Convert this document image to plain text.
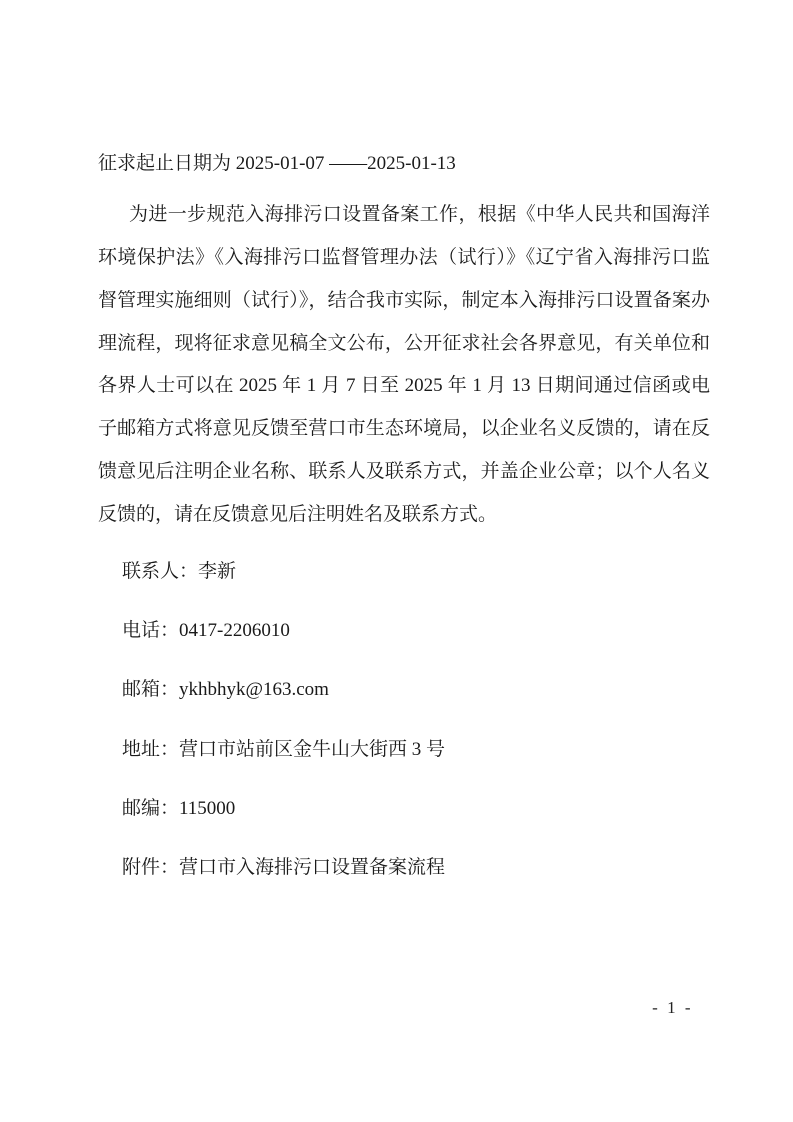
征求起止日期为 2025-01-07 ——2025-01-13

为进一步规范入海排污口设置备案工作，根据《中华人民共和国海洋环境保护法》《入海排污口监督管理办法（试行）》《辽宁省入海排污口监督管理实施细则（试行）》，结合我市实际，制定本入海排污口设置备案办理流程，现将征求意见稿全文公布，公开征求社会各界意见，有关单位和各界人士可以在 2025 年 1 月 7 日至 2025 年 1 月 13 日期间通过信函或电子邮箱方式将意见反馈至营口市生态环境局，以企业名义反馈的，请在反馈意见后注明企业名称、联系人及联系方式，并盖企业公章；以个人名义反馈的，请在反馈意见后注明姓名及联系方式。

联系人：李新

电话：0417-2206010

邮箱：ykhbhyk@163.com

地址：营口市站前区金牛山大街西 3 号

邮编：115000

附件：营口市入海排污口设置备案流程

- 1 -
